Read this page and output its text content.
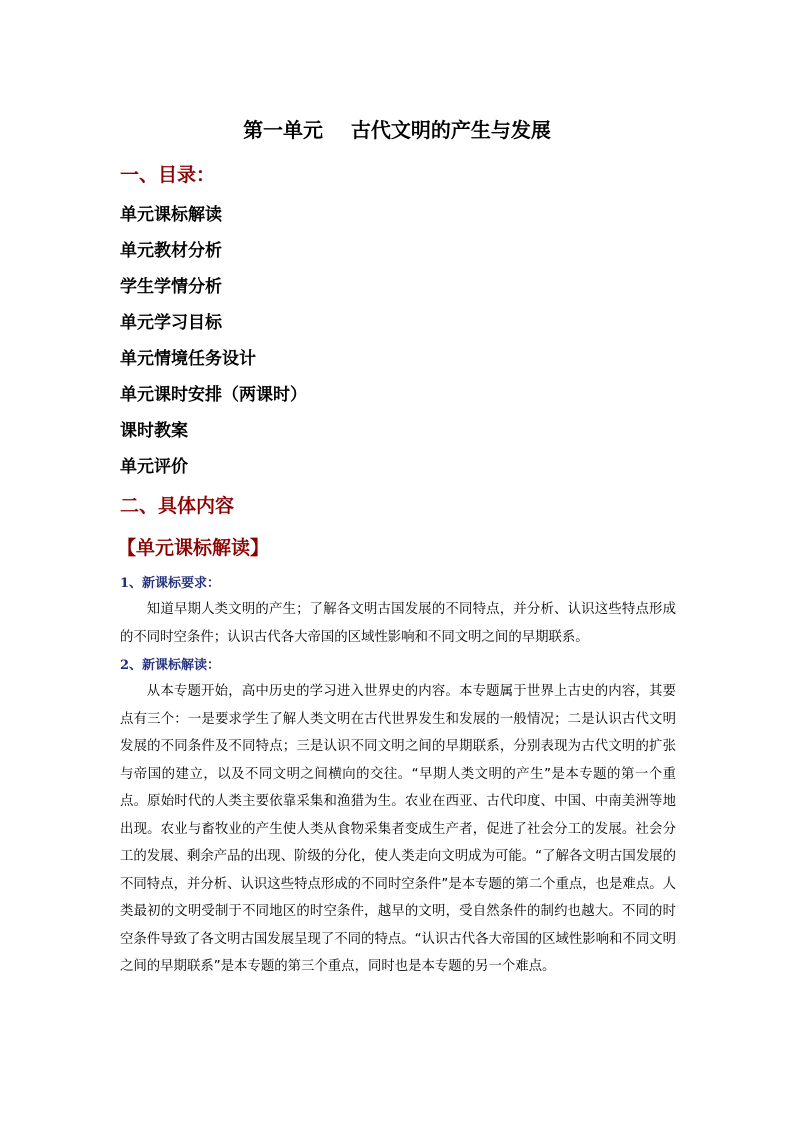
第一单元    古代文明的产生与发展
一、目录：
单元课标解读
单元教材分析
学生学情分析
单元学习目标
单元情境任务设计
单元课时安排（两课时）
课时教案
单元评价
二、具体内容
【单元课标解读】
1、新课标要求：
知道早期人类文明的产生；了解各文明古国发展的不同特点，并分析、认识这些特点形成的不同时空条件；认识古代各大帝国的区域性影响和不同文明之间的早期联系。
2、新课标解读：
从本专题开始，高中历史的学习进入世界史的内容。本专题属于世界上古史的内容，其要点有三个：一是要求学生了解人类文明在古代世界发生和发展的一般情况；二是认识古代文明发展的不同条件及不同特点；三是认识不同文明之间的早期联系，分别表现为古代文明的扩张与帝国的建立，以及不同文明之间横向的交往。“早期人类文明的产生”是本专题的第一个重点。原始时代的人类主要依靠采集和渔猎为生。农业在西亚、古代印度、中国、中南美洲等地出现。农业与畜牧业的产生使人类从食物采集者变成生产者，促进了社会分工的发展。社会分工的发展、剩余产品的出现、阶级的分化，使人类走向文明成为可能。“了解各文明古国发展的不同特点，并分析、认识这些特点形成的不同时空条件”是本专题的第二个重点，也是难点。人类最初的文明受制于不同地区的时空条件，越早的文明，受自然条件的制约也越大。不同的时空条件导致了各文明古国发展呈现了不同的特点。“认识古代各大帝国的区域性影响和不同文明之间的早期联系”是本专题的第三个重点，同时也是本专题的另一个难点。
